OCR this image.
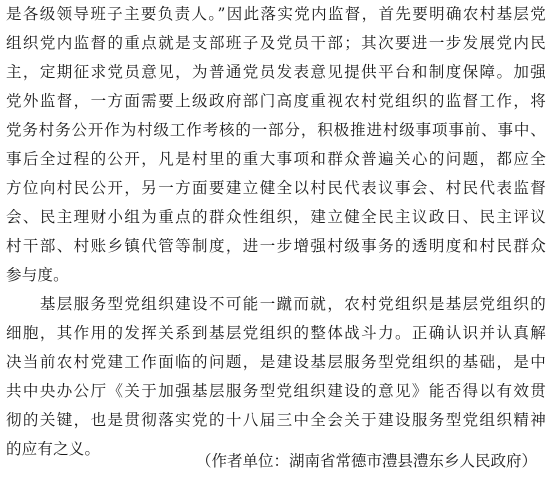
是各级领导班子主要负责人。”因此落实党内监督，首先要明确农村基层党
组织党内监督的重点就是支部班子及党员干部；其次要进一步发展党内民
主，定期征求党员意见，为普通党员发表意见提供平台和制度保障。加强
党外监督，一方面需要上级政府部门高度重视农村党组织的监督工作，将
党务村务公开作为村级工作考核的一部分，积极推进村级事项事前、事中、
事后全过程的公开，凡是村里的重大事项和群众普遍关心的问题，都应全
方位向村民公开，另一方面要建立健全以村民代表议事会、村民代表监督
会、民主理财小组为重点的群众性组织，建立健全民主议政日、民主评议
村干部、村账乡镇代管等制度，进一步增强村级事务的透明度和村民群众
参与度。
　　基层服务型党组织建设不可能一蹴而就，农村党组织是基层党组织的
细胞，其作用的发挥关系到基层党组织的整体战斗力。正确认识并认真解
决当前农村党建工作面临的问题，是建设基层服务型党组织的基础，是中
共中央办公厅《关于加强基层服务型党组织建设的意见》能否得以有效贯
彻的关键，也是贯彻落实党的十八届三中全会关于建设服务型党组织精神
的应有之义。
（作者单位：湖南省常德市澧县澧东乡人民政府）
